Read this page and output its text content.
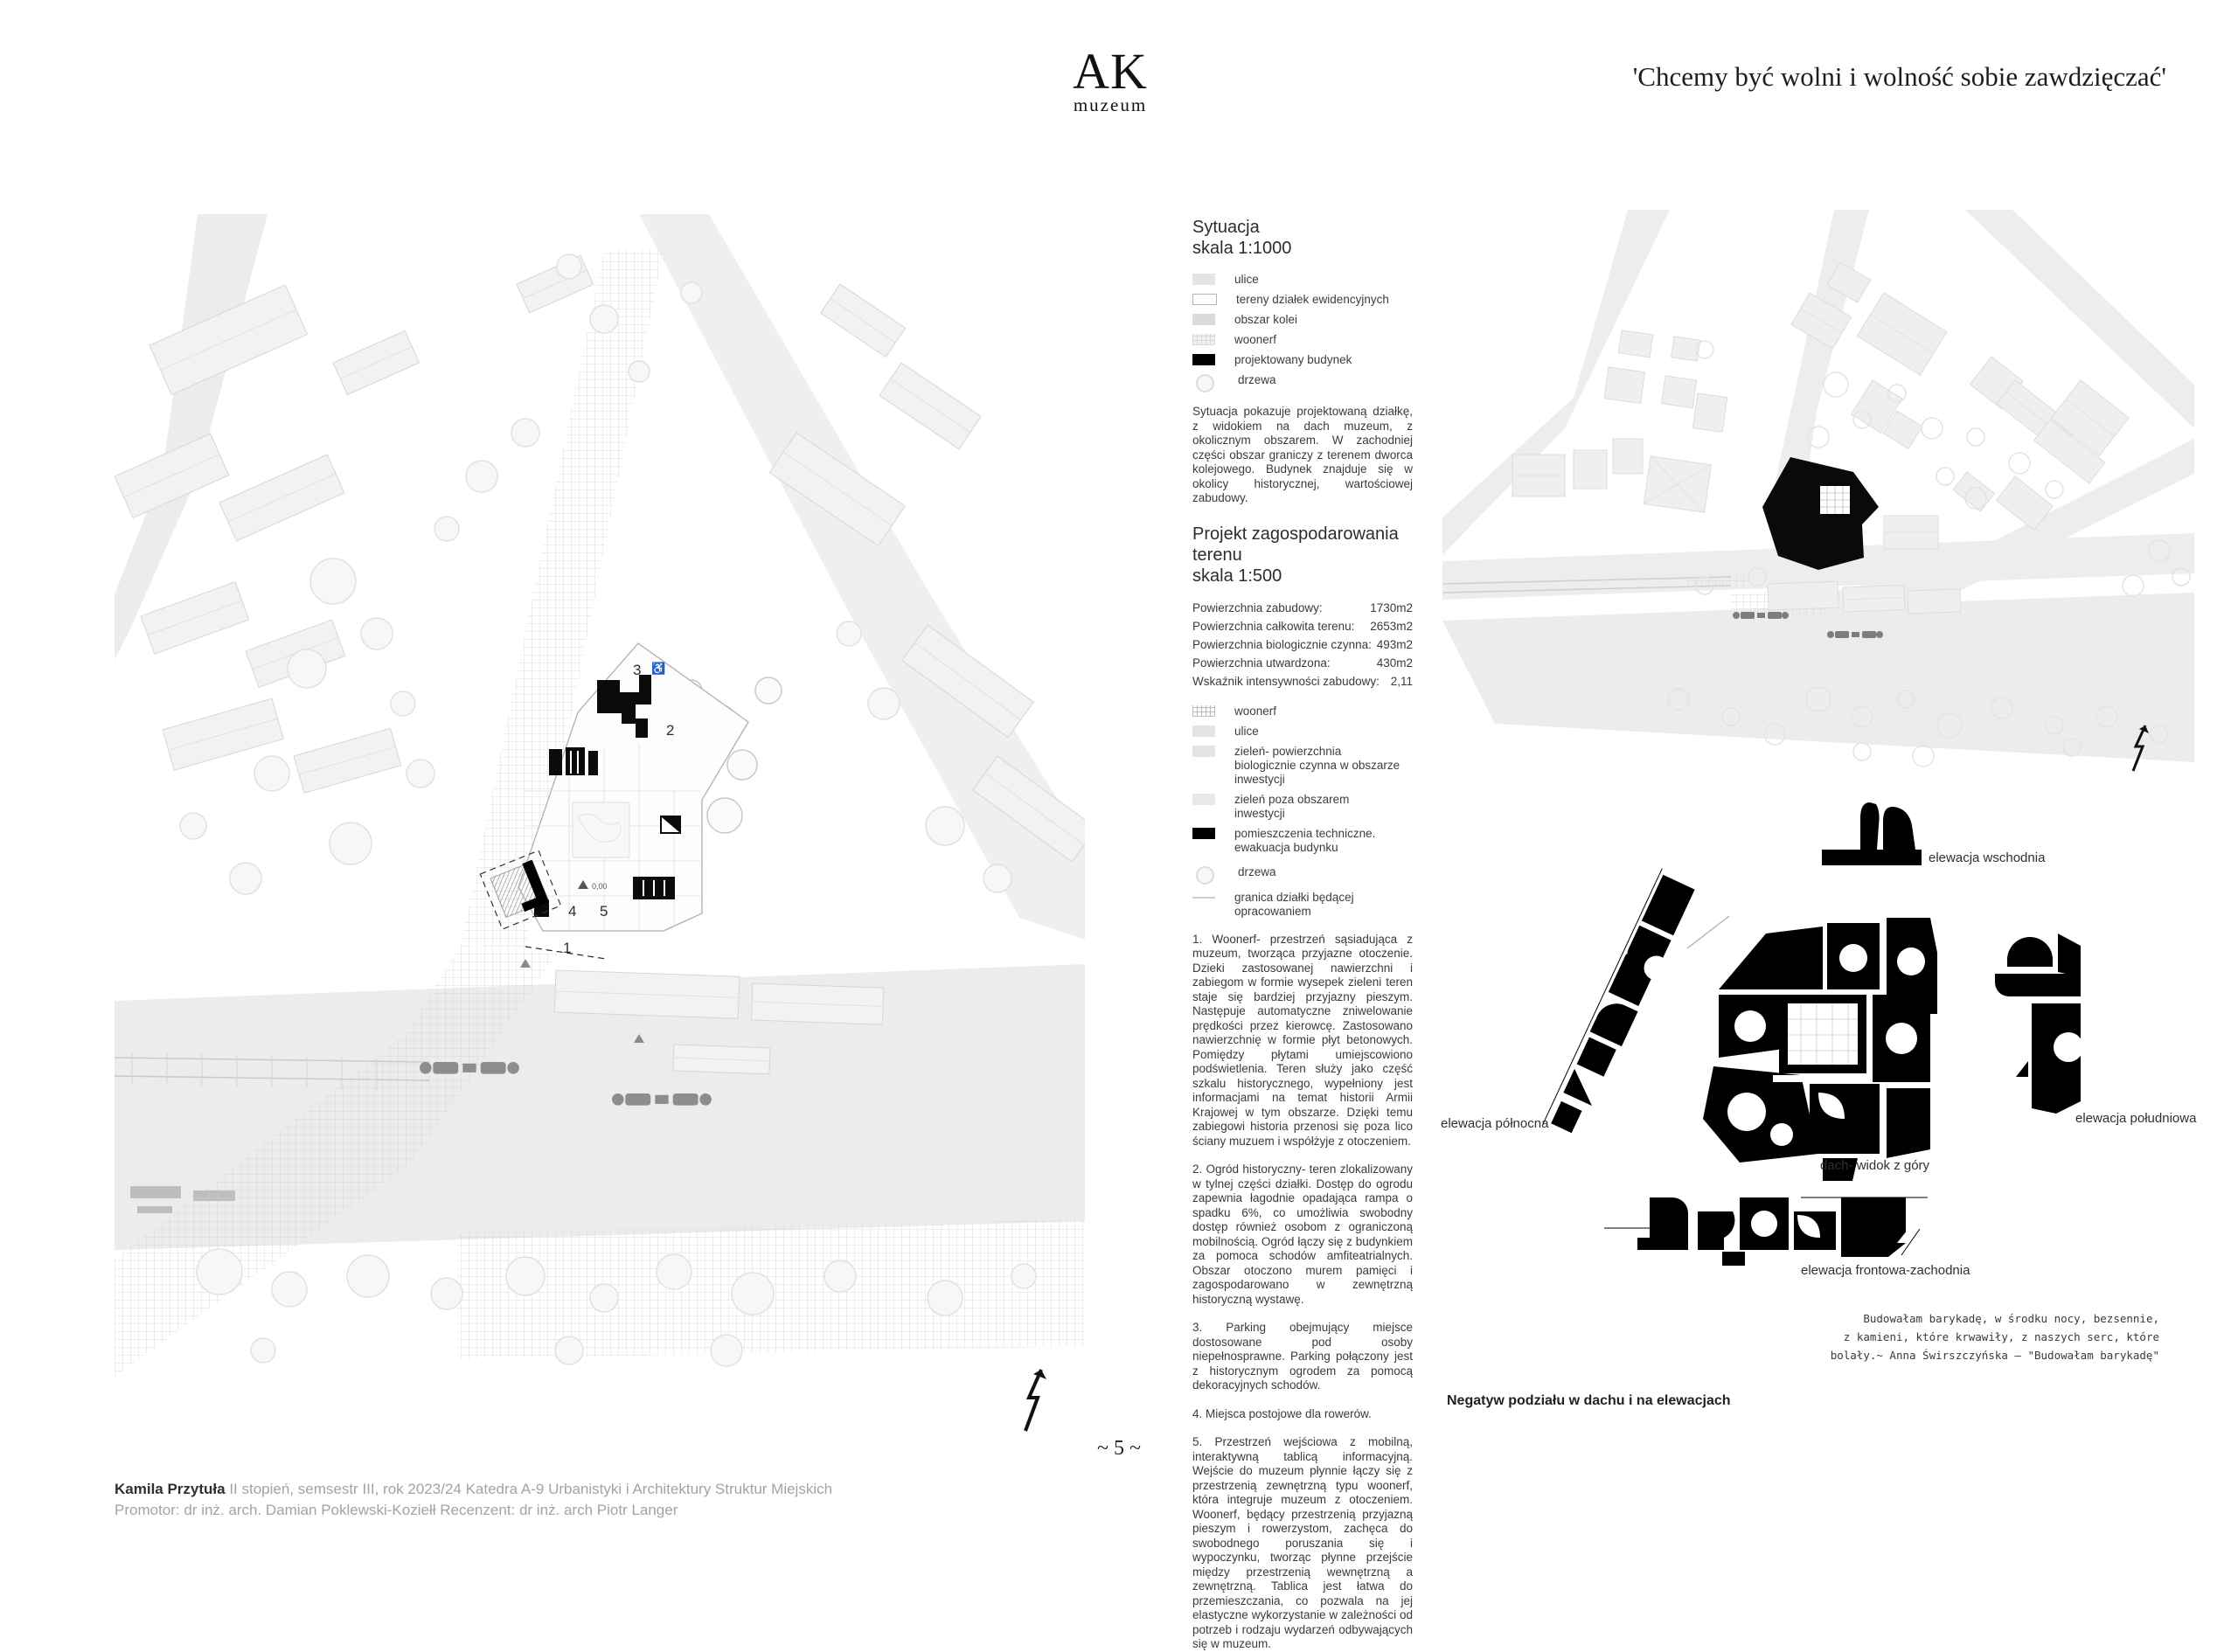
AK
muzeum
'Chcemy być wolni i wolność sobie zawdzięczać'
0,00
3
2
4 5
1
♿
Sytuacja
skala 1:1000
ulice
tereny działek ewidencyjnych
obszar kolei
woonerf
projektowany budynek
drzewa

Sytuacja pokazuje projektowaną działkę, z widokiem na dach muzeum, z okolicznym obszarem. W zachodniej części obszar graniczy z terenem dworca kolejowego. Budynek znajduje się w okolicy historycznej, wartościowej zabudowy.

Projekt zagospodarowania terenu
skala 1:500
Powierzchnia zabudowy:	1730m2
Powierzchnia całkowita terenu: 2653m2
Powierzchnia biologicznie czynna: 493m2
Powierzchnia utwardzona:	430m2
Wskaźnik intensywności zabudowy: 2,11
woonerf
ulice
zieleń- powierzchnia biologicznie czynna w obszarze inwestycji
zieleń poza obszarem inwestycji
pomieszczenia techniczne. ewakuacja budynku
drzewa
granica działki będącej opracowaniem

1. Woonerf- przestrzeń sąsiadująca z muzeum, tworząca przyjazne otoczenie. Dzieki zastosowanej nawierzchni i zabiegom w formie wysepek zieleni teren staje się bardziej przyjazny pieszym. Następuje automatyczne zniwelowanie prędkości przez kierowcę. Zastosowano nawierzchnię w formie płyt betonowych. Pomiędzy płytami umiejscowiono podświetlenia. Teren służy jako część szkalu historycznego, wypełniony jest informacjami na temat historii Armii Krajowej w tym obszarze. Dzięki temu zabiegowi historia przenosi się poza lico ściany muzuem i współżyje z otoczeniem.

2. Ogród historyczny- teren zlokalizowany w tylnej części działki. Dostęp do ogrodu zapewnia łagodnie opadająca rampa o spadku 6%, co umożliwia swobodny dostęp również osobom z ograniczoną mobilnością. Ogród łączy się z budynkiem za pomoca schodów amfiteatrialnych. Obszar otoczono murem pamięci i zagospodarowano w zewnętrzną historyczną wystawę.

3. Parking obejmujący miejsce dostosowane pod osoby niepełnosprawne. Parking połączony jest z historycznym ogrodem za pomocą dekoracyjnych schodów.

4. Miejsca postojowe dla rowerów.

5. Przestrzeń wejściowa z mobilną, interaktywną tablicą informacyjną. Wejście do muzeum płynnie łączy się z przestrzenią zewnętrzną typu woonerf, która integruje muzeum z otoczeniem. Woonerf, będący przestrzenią przyjazną pieszym i rowerzystom, zachęca do swobodnego poruszania się i wypoczynku, tworząc płynne przejście między przestrzenią wewnętrzną a zewnętrzną. Tablica jest łatwa do przemieszczania, co pozwala na jej elastyczne wykorzystanie w zależności od potrzeb i rodzaju wydarzeń odbywających się w muzeum.

elewacja wschodnia
elewacja północna
dach- widok z góry
elewacja południowa
elewacja frontowa-zachodnia
Budowałam barykadę, w środku nocy, bezsennie,
z kamieni, które krwawiły, z naszych serc, które
bolały.~ Anna Świrszczyńska – "Budowałam barykadę"
Negatyw podziału w dachu i na elewacjach
~ 5 ~
Kamila Przytuła II stopień, semsestr III, rok 2023/24 Katedra A-9 Urbanistyki i Architektury Struktur Miejskich
Promotor: dr inż. arch. Damian Poklewski-Koziełł Recenzent: dr inż. arch Piotr Langer
